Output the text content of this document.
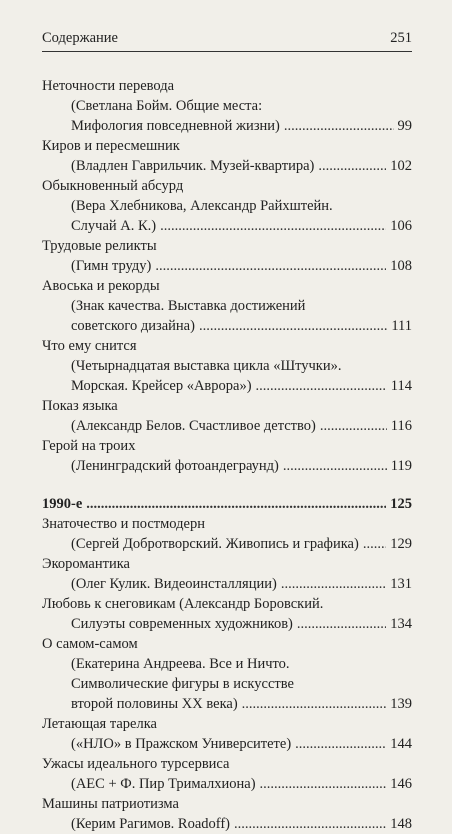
Содержание	251
Неточности перевода
(Светлана Бойм. Общие места:
Мифология повседневной жизни) .....	99
Киров и пересмешник
(Владлен Гаврильчик. Музей-квартира) .....	102
Обыкновенный абсурд
(Вера Хлебникова, Александр Райхштейн.
Случай А. К.) .....	106
Трудовые реликты
(Гимн труду) .....	108
Авоська и рекорды
(Знак качества. Выставка достижений
советского дизайна) .....	111
Что ему снится
(Четырнадцатая выставка цикла «Штучки».
Морская. Крейсер «Аврора») .....	114
Показ языка
(Александр Белов. Счастливое детство) .....	116
Герой на троих
(Ленинградский фотоандеграунд) .....	119
1990-е .....	125
Знаточество и постмодерн
(Сергей Добротворский. Живопись и графика) ..... 129
Экоромантика
(Олег Кулик. Видеоинсталляции) .....	131
Любовь к снеговикам (Александр Боровский.
Силуэты современных художников) .....	134
О самом-самом
(Екатерина Андреева. Все и Ничто.
Символические фигуры в искусстве
второй половины XX века) .....	139
Летающая тарелка
(«НЛО» в Пражском Университете) .....	144
Ужасы идеального турсервиса
(АЕС + Ф. Пир Трималхиона) .....	146
Машины патриотизма
(Керим Рагимов. Roadoff) .....	148
